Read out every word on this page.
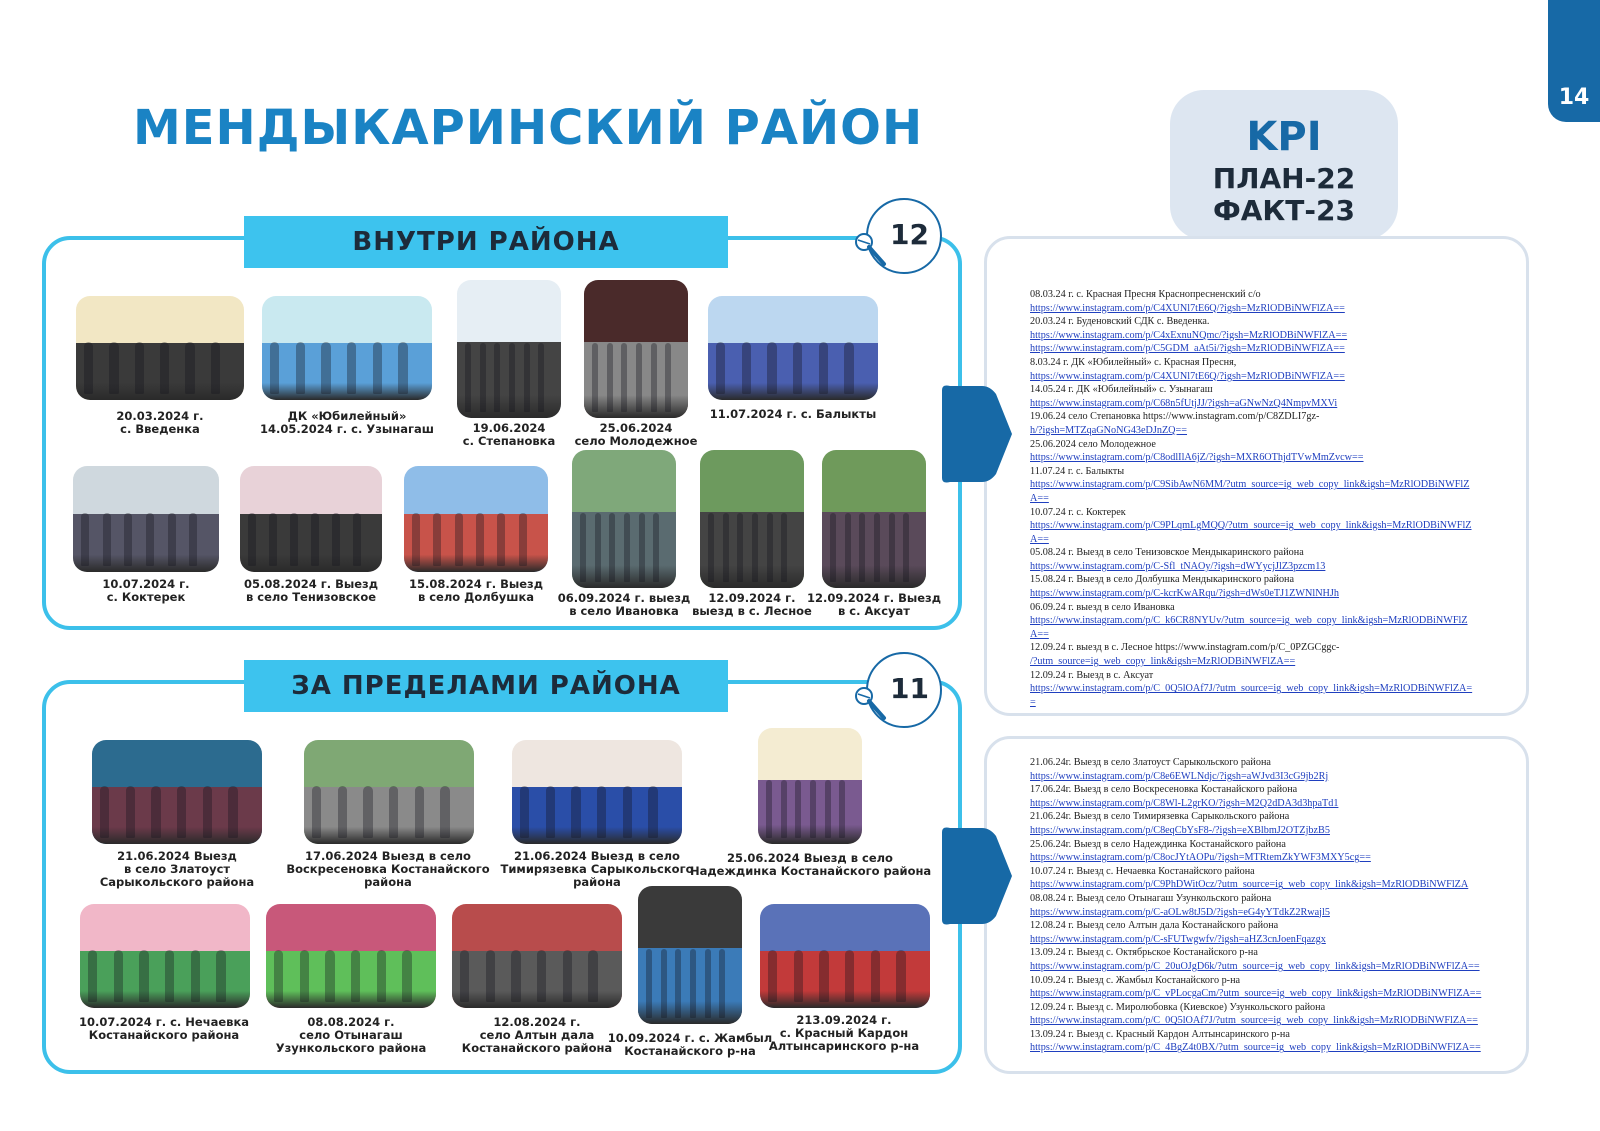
14
МЕНДЫКАРИНСКИЙ РАЙОН	KPI
ПЛАН-22
ФАКТ-23
ВНУТРИ РАЙОНА	12
ЗА ПРЕДЕЛАМИ РАЙОНА	11
20.03.2024 г.
с. Введенка
ДК «Юбилейный»
14.05.2024 г. с. Узынагаш	19.06.2024
с. Степановка
25.06.2024
село Молодежное
11.07.2024 г. с. Балыкты
10.07.2024 г.
с. Коктерек
05.08.2024 г. Выезд
в село Тенизовское
15.08.2024 г. Выезд
в село Долбушка	06.09.2024 г. выезд
в село Ивановка
12.09.2024 г.
выезд в с. Лесное
12.09.2024 г. Выезд
в с. Аксуат
21.06.2024 Выезд
в село Златоуст
Сарыкольского района
17.06.2024 Выезд в село
Воскресеновка Костанайского
района
21.06.2024 Выезд в село
Тимирязевка Сарыкольского
района
25.06.2024 Выезд в село
Надеждинка Костанайского района
10.07.2024 г. с. Нечаевка
Костанайского района
08.08.2024 г.
село Отынагаш
Узункольского района
12.08.2024 г.
село Алтын дала
Костанайского района
10.09.2024 г. с. Жамбыл
Костанайского р-на
213.09.2024 г.
с. Красный Кардон
Алтынсаринского р-на
08.03.24 г. с. Красная Пресня Краснопресненский с/о
https://www.instagram.com/p/C4XUNl7tE6Q/?igsh=MzRlODBiNWFlZA==
20.03.24 г. Буденовский СДК с. Введенка.
https://www.instagram.com/p/C4xExnuNQmc/?igsh=MzRlODBiNWFlZA==
https://www.instagram.com/p/C5GDM_aAt5i/?igsh=MzRlODBiNWFlZA==
8.03.24 г. ДК «Юбилейный» с. Красная Пресня,
https://www.instagram.com/p/C4XUNl7tE6Q/?igsh=MzRlODBiNWFlZA==
14.05.24 г. ДК «Юбилейный» с. Узынагаш
https://www.instagram.com/p/C68n5fUtjJJ/?igsh=aGNwNzQ4NmpvMXVi
19.06.24 село Степановка https://www.instagram.com/p/C8ZDLI7gz-
h/?igsh=MTZqaGNoNG43eDJnZQ==
25.06.2024 село Молодежное
https://www.instagram.com/p/C8odlIlA6jZ/?igsh=MXR6OThjdTVwMmZvcw==
11.07.24 г. с. Балыкты
https://www.instagram.com/p/C9SibAwN6MM/?utm_source=ig_web_copy_link&igsh=MzRlODBiNWFlZ
A==
10.07.24 г. с. Коктерек
https://www.instagram.com/p/C9PLqmLgMQQ/?utm_source=ig_web_copy_link&igsh=MzRlODBiNWFlZ
A==
05.08.24 г. Выезд в село Тенизовское Мендыкаринского района
https://www.instagram.com/p/C-Sfl_tNAOy/?igsh=dWYycjJlZ3pzcm13
15.08.24 г. Выезд в село Долбушка Мендыкаринского района
https://www.instagram.com/p/C-kcrKwARqu/?igsh=dWs0eTJ1ZWNlNHJh
06.09.24 г. выезд в село Ивановка
https://www.instagram.com/p/C_k6CR8NYUv/?utm_source=ig_web_copy_link&igsh=MzRlODBiNWFlZ
A==
12.09.24 г. выезд в с. Лесное https://www.instagram.com/p/C_0PZGCggc-
/?utm_source=ig_web_copy_link&igsh=MzRlODBiNWFlZA==
12.09.24 г. Выезд в с. Аксуат
https://www.instagram.com/p/C_0Q5lOAf7J/?utm_source=ig_web_copy_link&igsh=MzRlODBiNWFlZA=
=
21.06.24г. Выезд в село Златоуст Сарыкольского района
https://www.instagram.com/p/C8e6EWLNdjc/?igsh=aWJvd3I3cG9jb2Rj
17.06.24г. Выезд в село Воскресеновка Костанайского района
https://www.instagram.com/p/C8Wl-L2grKO/?igsh=M2Q2dDA3d3hpaTd1
21.06.24г. Выезд в село Тимирязевка Сарыкольского района
https://www.instagram.com/p/C8eqCbYsF8-/?igsh=eXBlbmJ2OTZjbzB5
25.06.24г. Выезд в село Надеждинка Костанайского района
https://www.instagram.com/p/C8ocJYtAOPu/?igsh=MTRtemZkYWF3MXY5cg==
10.07.24 г. Выезд с. Нечаевка Костанайского района
https://www.instagram.com/p/C9PhDWitOcz/?utm_source=ig_web_copy_link&igsh=MzRlODBiNWFlZA
08.08.24 г. Выезд село Отынагаш Узункольского района
https://www.instagram.com/p/C-aOLw8tJ5D/?igsh=eG4yYTdkZ2Rwajl5
12.08.24 г. Выезд село Алтын дала Костанайского района
https://www.instagram.com/p/C-sFUTwgwfv/?igsh=aHZ3cnJoenFqazgx
13.09.24 г. Выезд с. Октябрьское Костанайского р-на
https://www.instagram.com/p/C_20uOJgD6k/?utm_source=ig_web_copy_link&igsh=MzRlODBiNWFlZA==
10.09.24 г. Выезд с. Жамбыл Костанайского р-на
https://www.instagram.com/p/C_vPLocgaCm/?utm_source=ig_web_copy_link&igsh=MzRlODBiNWFlZA==
12.09.24 г. Выезд с. Миролюбовка (Киевское) Узункольского района
https://www.instagram.com/p/C_0Q5lOAf7J/?utm_source=ig_web_copy_link&igsh=MzRlODBiNWFlZA==
13.09.24 г. Выезд с. Красный Кардон Алтынсаринского р-на
https://www.instagram.com/p/C_4BgZ4t0BX/?utm_source=ig_web_copy_link&igsh=MzRlODBiNWFlZA==
